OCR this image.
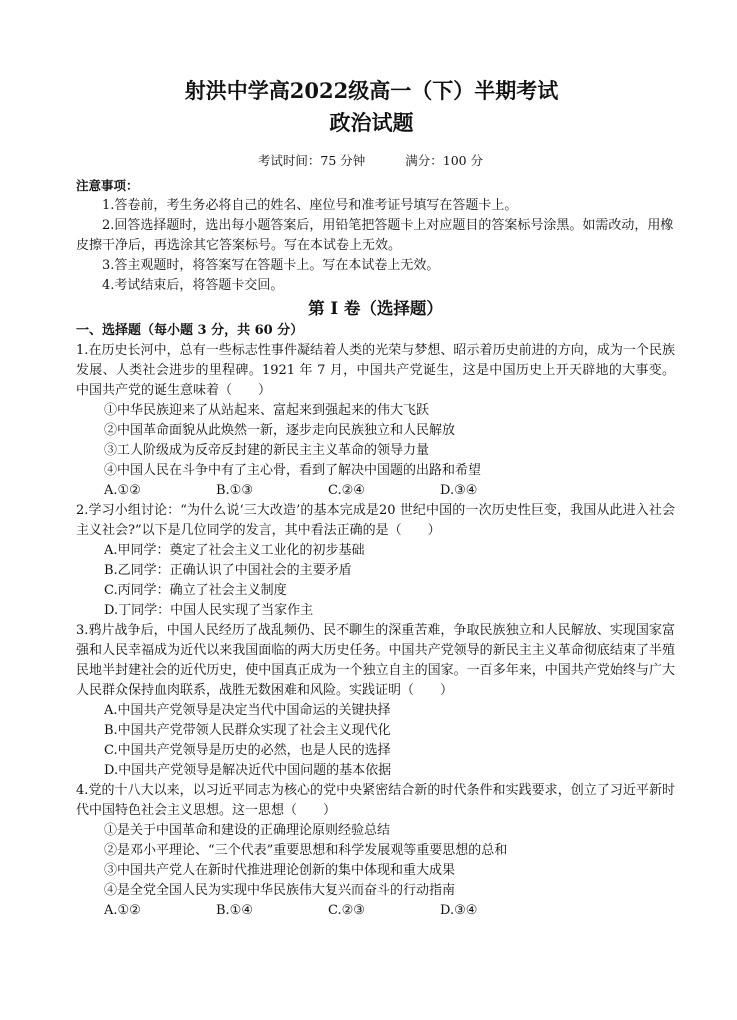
射洪中学高2022级高一（下）半期考试
政治试题
考试时间：75 分钟	满分：100 分
注意事项：

1.答卷前，考生务必将自己的姓名、座位号和准考证号填写在答题卡上。

2.回答选择题时，选出每小题答案后，用铅笔把答题卡上对应题目的答案标号涂黑。如需改动，用橡皮擦干净后，再选涂其它答案标号。写在本试卷上无效。

3.答主观题时，将答案写在答题卡上。写在本试卷上无效。

4.考试结束后，将答题卡交回。

第 I 卷（选择题）
一、选择题（每小题 3 分，共 60 分）

1.在历史长河中，总有一些标志性事件凝结着人类的光荣与梦想、昭示着历史前进的方向，成为一个民族发展、人类社会进步的里程碑。1921 年 7 月，中国共产党诞生，这是中国历史上开天辟地的大事变。中国共产党的诞生意味着（　　）

①中华民族迎来了从站起来、富起来到强起来的伟大飞跃

②中国革命面貌从此焕然一新，逐步走向民族独立和人民解放

③工人阶级成为反帝反封建的新民主主义革命的领导力量

④中国人民在斗争中有了主心骨，看到了解决中国题的出路和希望

A.①②	B.①③	C.②④	D.③④

2.学习小组讨论：“为什么说‘三大改造’的基本完成是20 世纪中国的一次历史性巨变，我国从此进入社会主义社会?”以下是几位同学的发言，其中看法正确的是（　　）

A.甲同学：奠定了社会主义工业化的初步基础

B.乙同学：正确认识了中国社会的主要矛盾

C.丙同学：确立了社会主义制度

D.丁同学：中国人民实现了当家作主

3.鸦片战争后，中国人民经历了战乱频仍、民不聊生的深重苦难，争取民族独立和人民解放、实现国家富强和人民幸福成为近代以来我国面临的两大历史任务。中国共产党领导的新民主主义革命彻底结束了半殖民地半封建社会的近代历史，使中国真正成为一个独立自主的国家。一百多年来，中国共产党始终与广大人民群众保持血肉联系，战胜无数困难和风险。实践证明（　　）

A.中国共产党领导是决定当代中国命运的关键抉择

B.中国共产党带领人民群众实现了社会主义现代化

C.中国共产党领导是历史的必然，也是人民的选择

D.中国共产党领导是解决近代中国问题的基本依据

4.党的十八大以来，以习近平同志为核心的党中央紧密结合新的时代条件和实践要求，创立了习近平新时代中国特色社会主义思想。这一思想（　　）

①是关于中国革命和建设的正确理论原则经验总结

②是邓小平理论、“三个代表”重要思想和科学发展观等重要思想的总和

③中国共产党人在新时代推进理论创新的集中体现和重大成果

④是全党全国人民为实现中华民族伟大复兴而奋斗的行动指南

A.①②	B.①④	C.②③	D.③④
